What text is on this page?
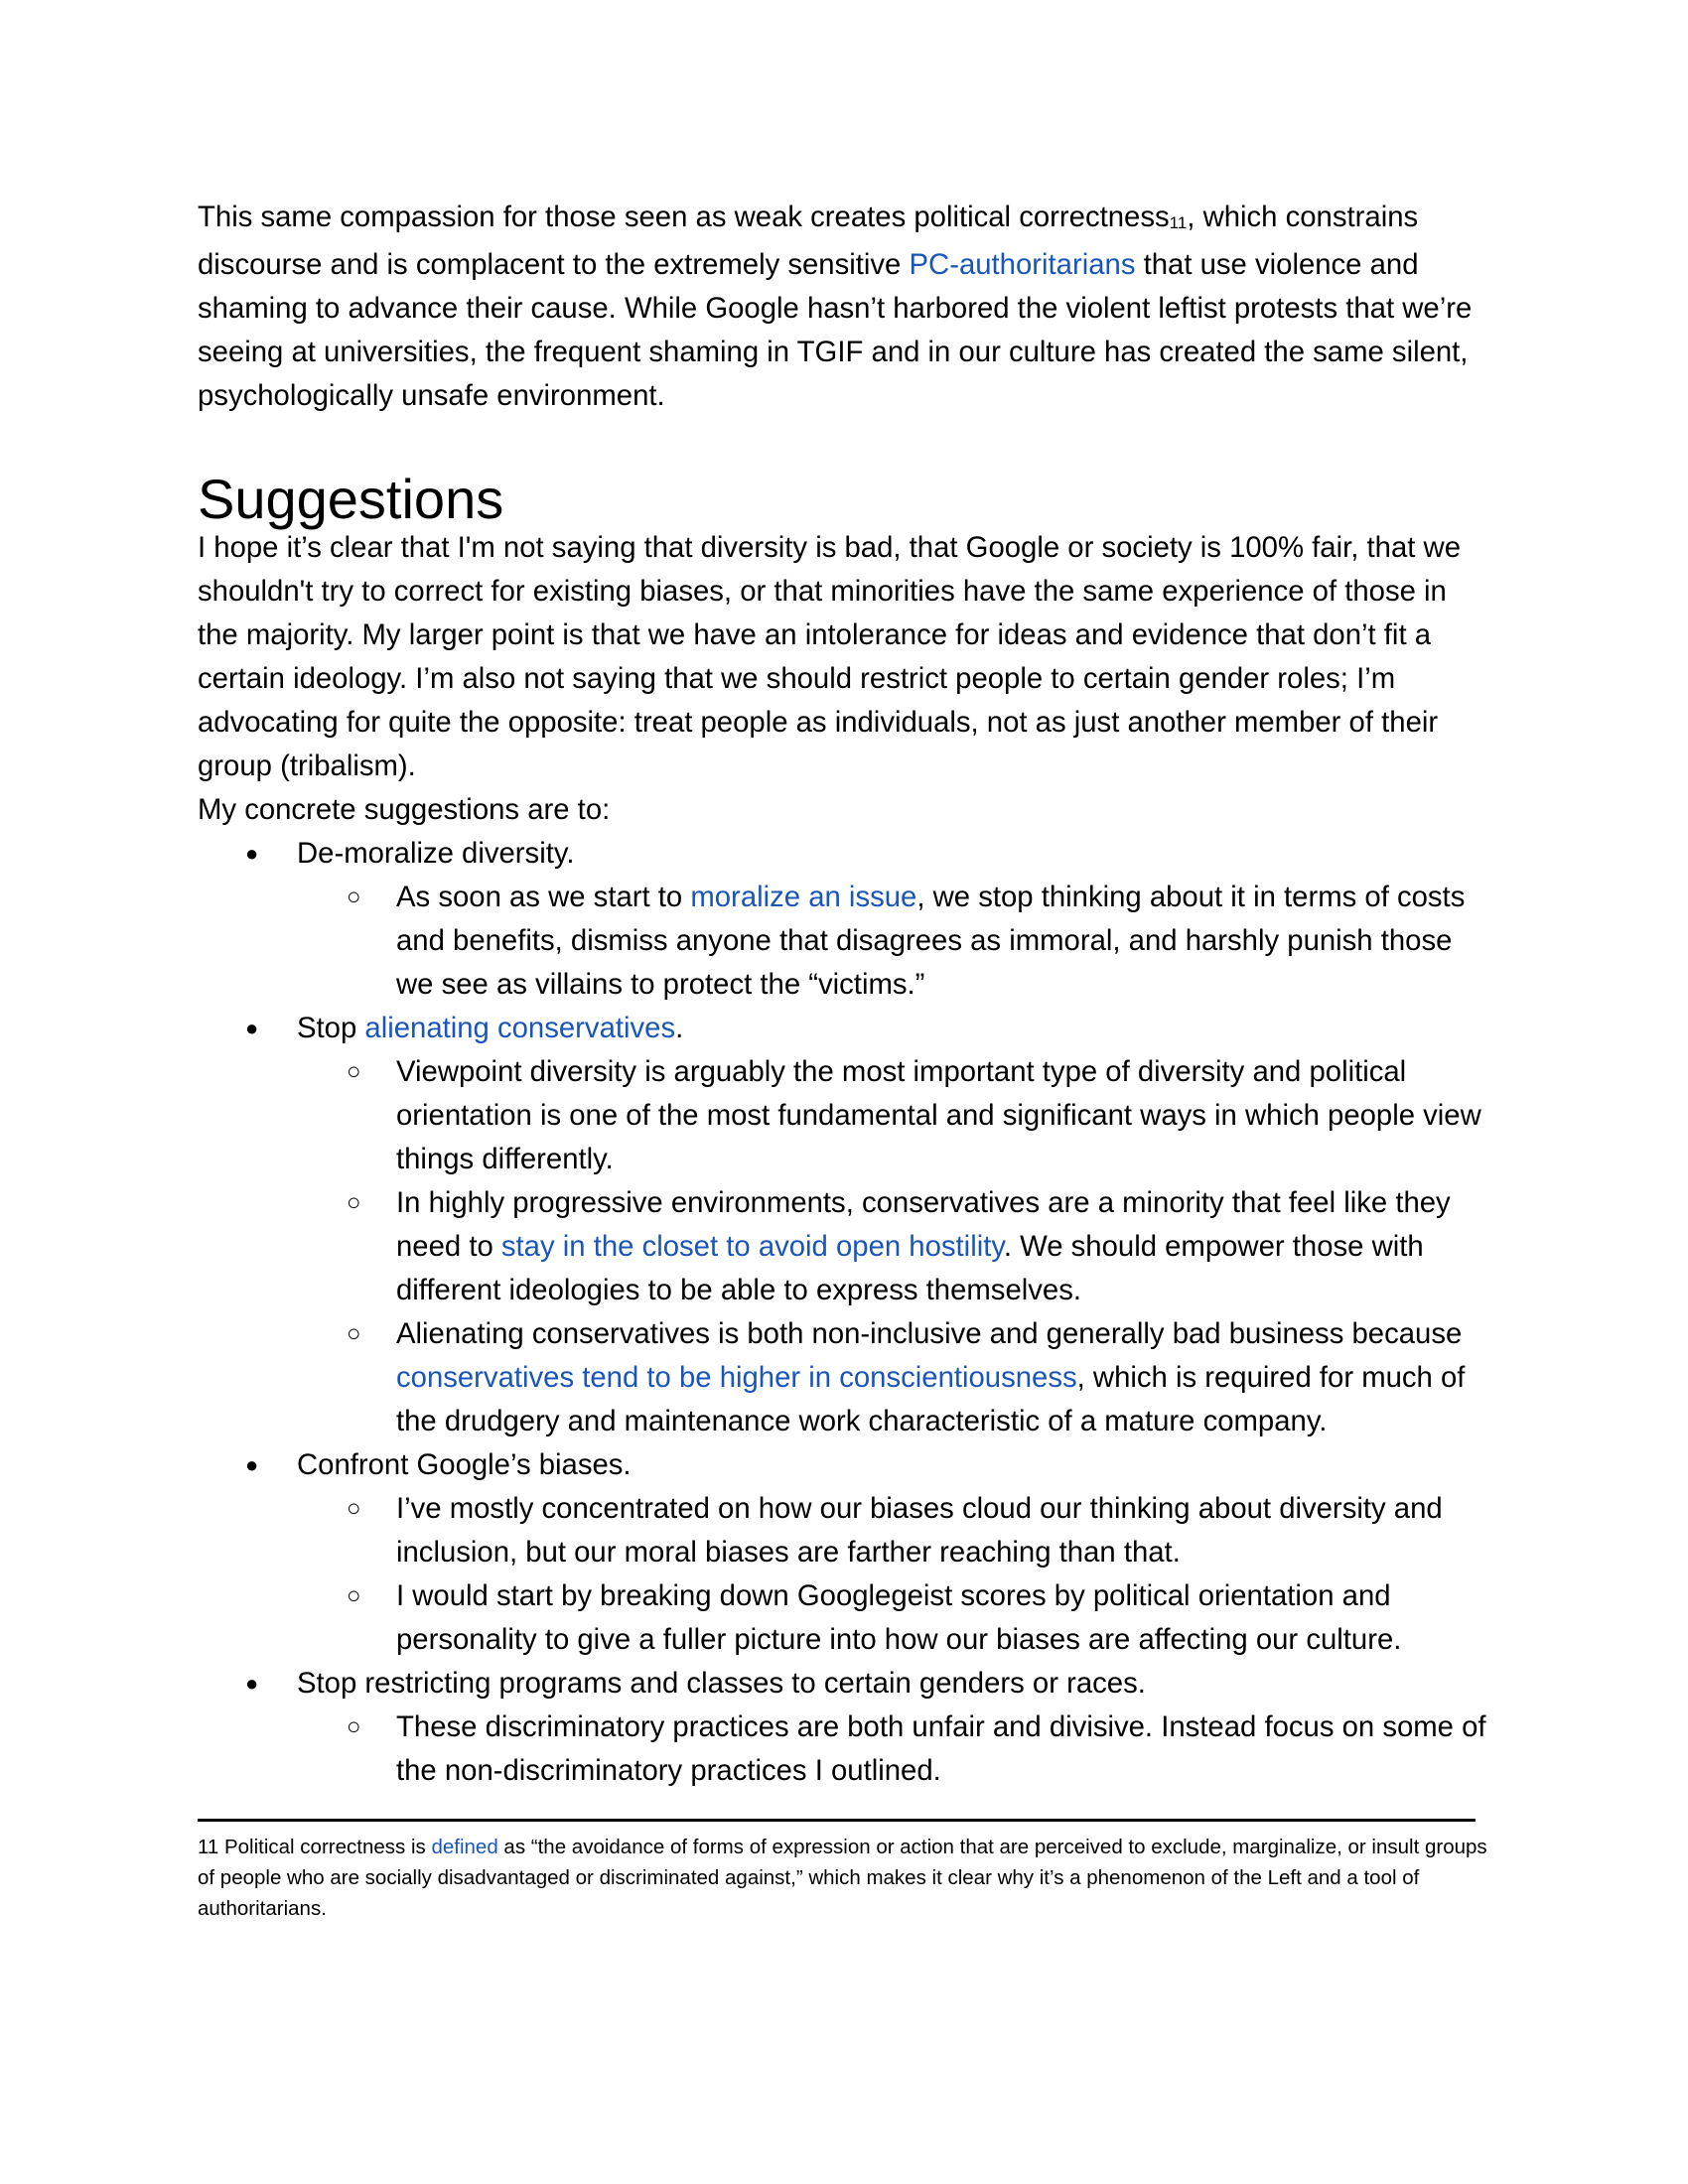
This same compassion for those seen as weak creates political correctness$_{11}$, which constrains discourse and is complacent to the extremely sensitive PC-authoritarians that use violence and shaming to advance their cause. While Google hasn’t harbored the violent leftist protests that we’re seeing at universities, the frequent shaming in TGIF and in our culture has created the same silent, psychologically unsafe environment.

Suggestions

I hope it’s clear that I'm not saying that diversity is bad, that Google or society is 100% fair, that we shouldn't try to correct for existing biases, or that minorities have the same experience of those in the majority. My larger point is that we have an intolerance for ideas and evidence that don’t fit a certain ideology. I’m also not saying that we should restrict people to certain gender roles; I’m advocating for quite the opposite: treat people as individuals, not as just another member of their group (tribalism).

My concrete suggestions are to:

● De-moralize diversity.
○ As soon as we start to moralize an issue, we stop thinking about it in terms of costs and benefits, dismiss anyone that disagrees as immoral, and harshly punish those we see as villains to protect the “victims.”
● Stop alienating conservatives.
○ Viewpoint diversity is arguably the most important type of diversity and political orientation is one of the most fundamental and significant ways in which people view things differently.
○ In highly progressive environments, conservatives are a minority that feel like they need to stay in the closet to avoid open hostility. We should empower those with different ideologies to be able to express themselves.
○ Alienating conservatives is both non-inclusive and generally bad business because conservatives tend to be higher in conscientiousness, which is required for much of the drudgery and maintenance work characteristic of a mature company.
● Confront Google’s biases.
○ I’ve mostly concentrated on how our biases cloud our thinking about diversity and inclusion, but our moral biases are farther reaching than that.
○ I would start by breaking down Googlegeist scores by political orientation and personality to give a fuller picture into how our biases are affecting our culture.
● Stop restricting programs and classes to certain genders or races.
○ These discriminatory practices are both unfair and divisive. Instead focus on some of the non-discriminatory practices I outlined.

11 Political correctness is defined as “the avoidance of forms of expression or action that are perceived to exclude, marginalize, or insult groups of people who are socially disadvantaged or discriminated against,” which makes it clear why it’s a phenomenon of the Left and a tool of authoritarians.
